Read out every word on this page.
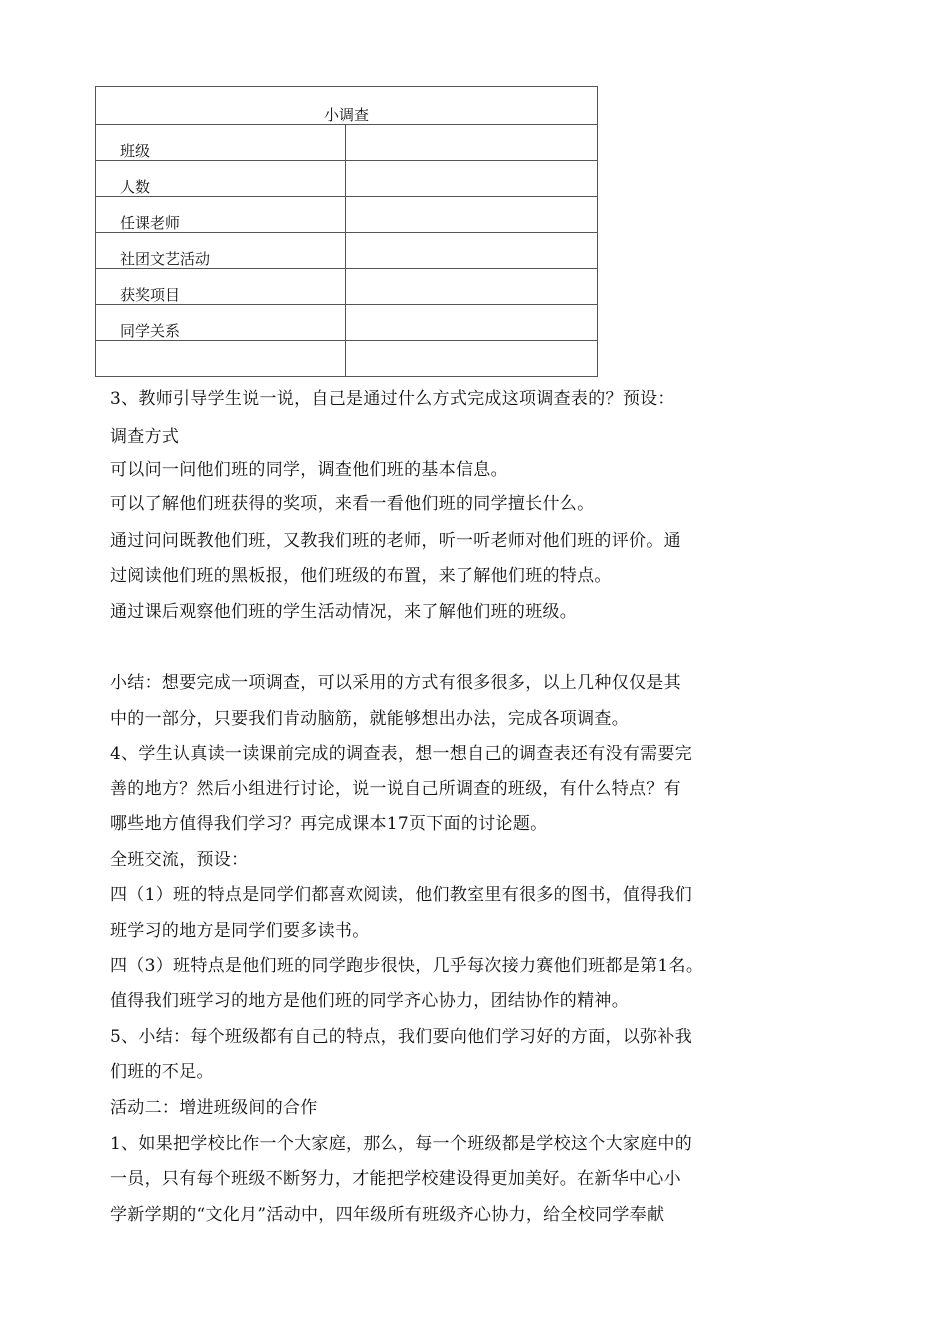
小调查
班级
人数
任课老师
社团文艺活动
获奖项目
同学关系
3、教师引导学生说一说，自己是通过什么方式完成这项调查表的？预设：
调查方式
可以问一问他们班的同学，调查他们班的基本信息。
可以了解他们班获得的奖项，来看一看他们班的同学擅长什么。
通过问问既教他们班，又教我们班的老师，听一听老师对他们班的评价。通
过阅读他们班的黑板报，他们班级的布置，来了解他们班的特点。
通过课后观察他们班的学生活动情况，来了解他们班的班级。
小结：想要完成一项调查，可以采用的方式有很多很多，以上几种仅仅是其
中的一部分，只要我们肯动脑筋，就能够想出办法，完成各项调查。
4、学生认真读一读课前完成的调查表，想一想自己的调查表还有没有需要完
善的地方？然后小组进行讨论，说一说自己所调查的班级，有什么特点？有
哪些地方值得我们学习？再完成课本17页下面的讨论题。
全班交流，预设：
四（1）班的特点是同学们都喜欢阅读，他们教室里有很多的图书，值得我们
班学习的地方是同学们要多读书。
四（3）班特点是他们班的同学跑步很快，几乎每次接力赛他们班都是第1名。
值得我们班学习的地方是他们班的同学齐心协力，团结协作的精神。
5、小结：每个班级都有自己的特点，我们要向他们学习好的方面，以弥补我
们班的不足。
活动二：增进班级间的合作
1、如果把学校比作一个大家庭，那么，每一个班级都是学校这个大家庭中的
一员，只有每个班级不断努力，才能把学校建设得更加美好。在新华中心小
学新学期的“文化月”活动中，四年级所有班级齐心协力，给全校同学奉献
